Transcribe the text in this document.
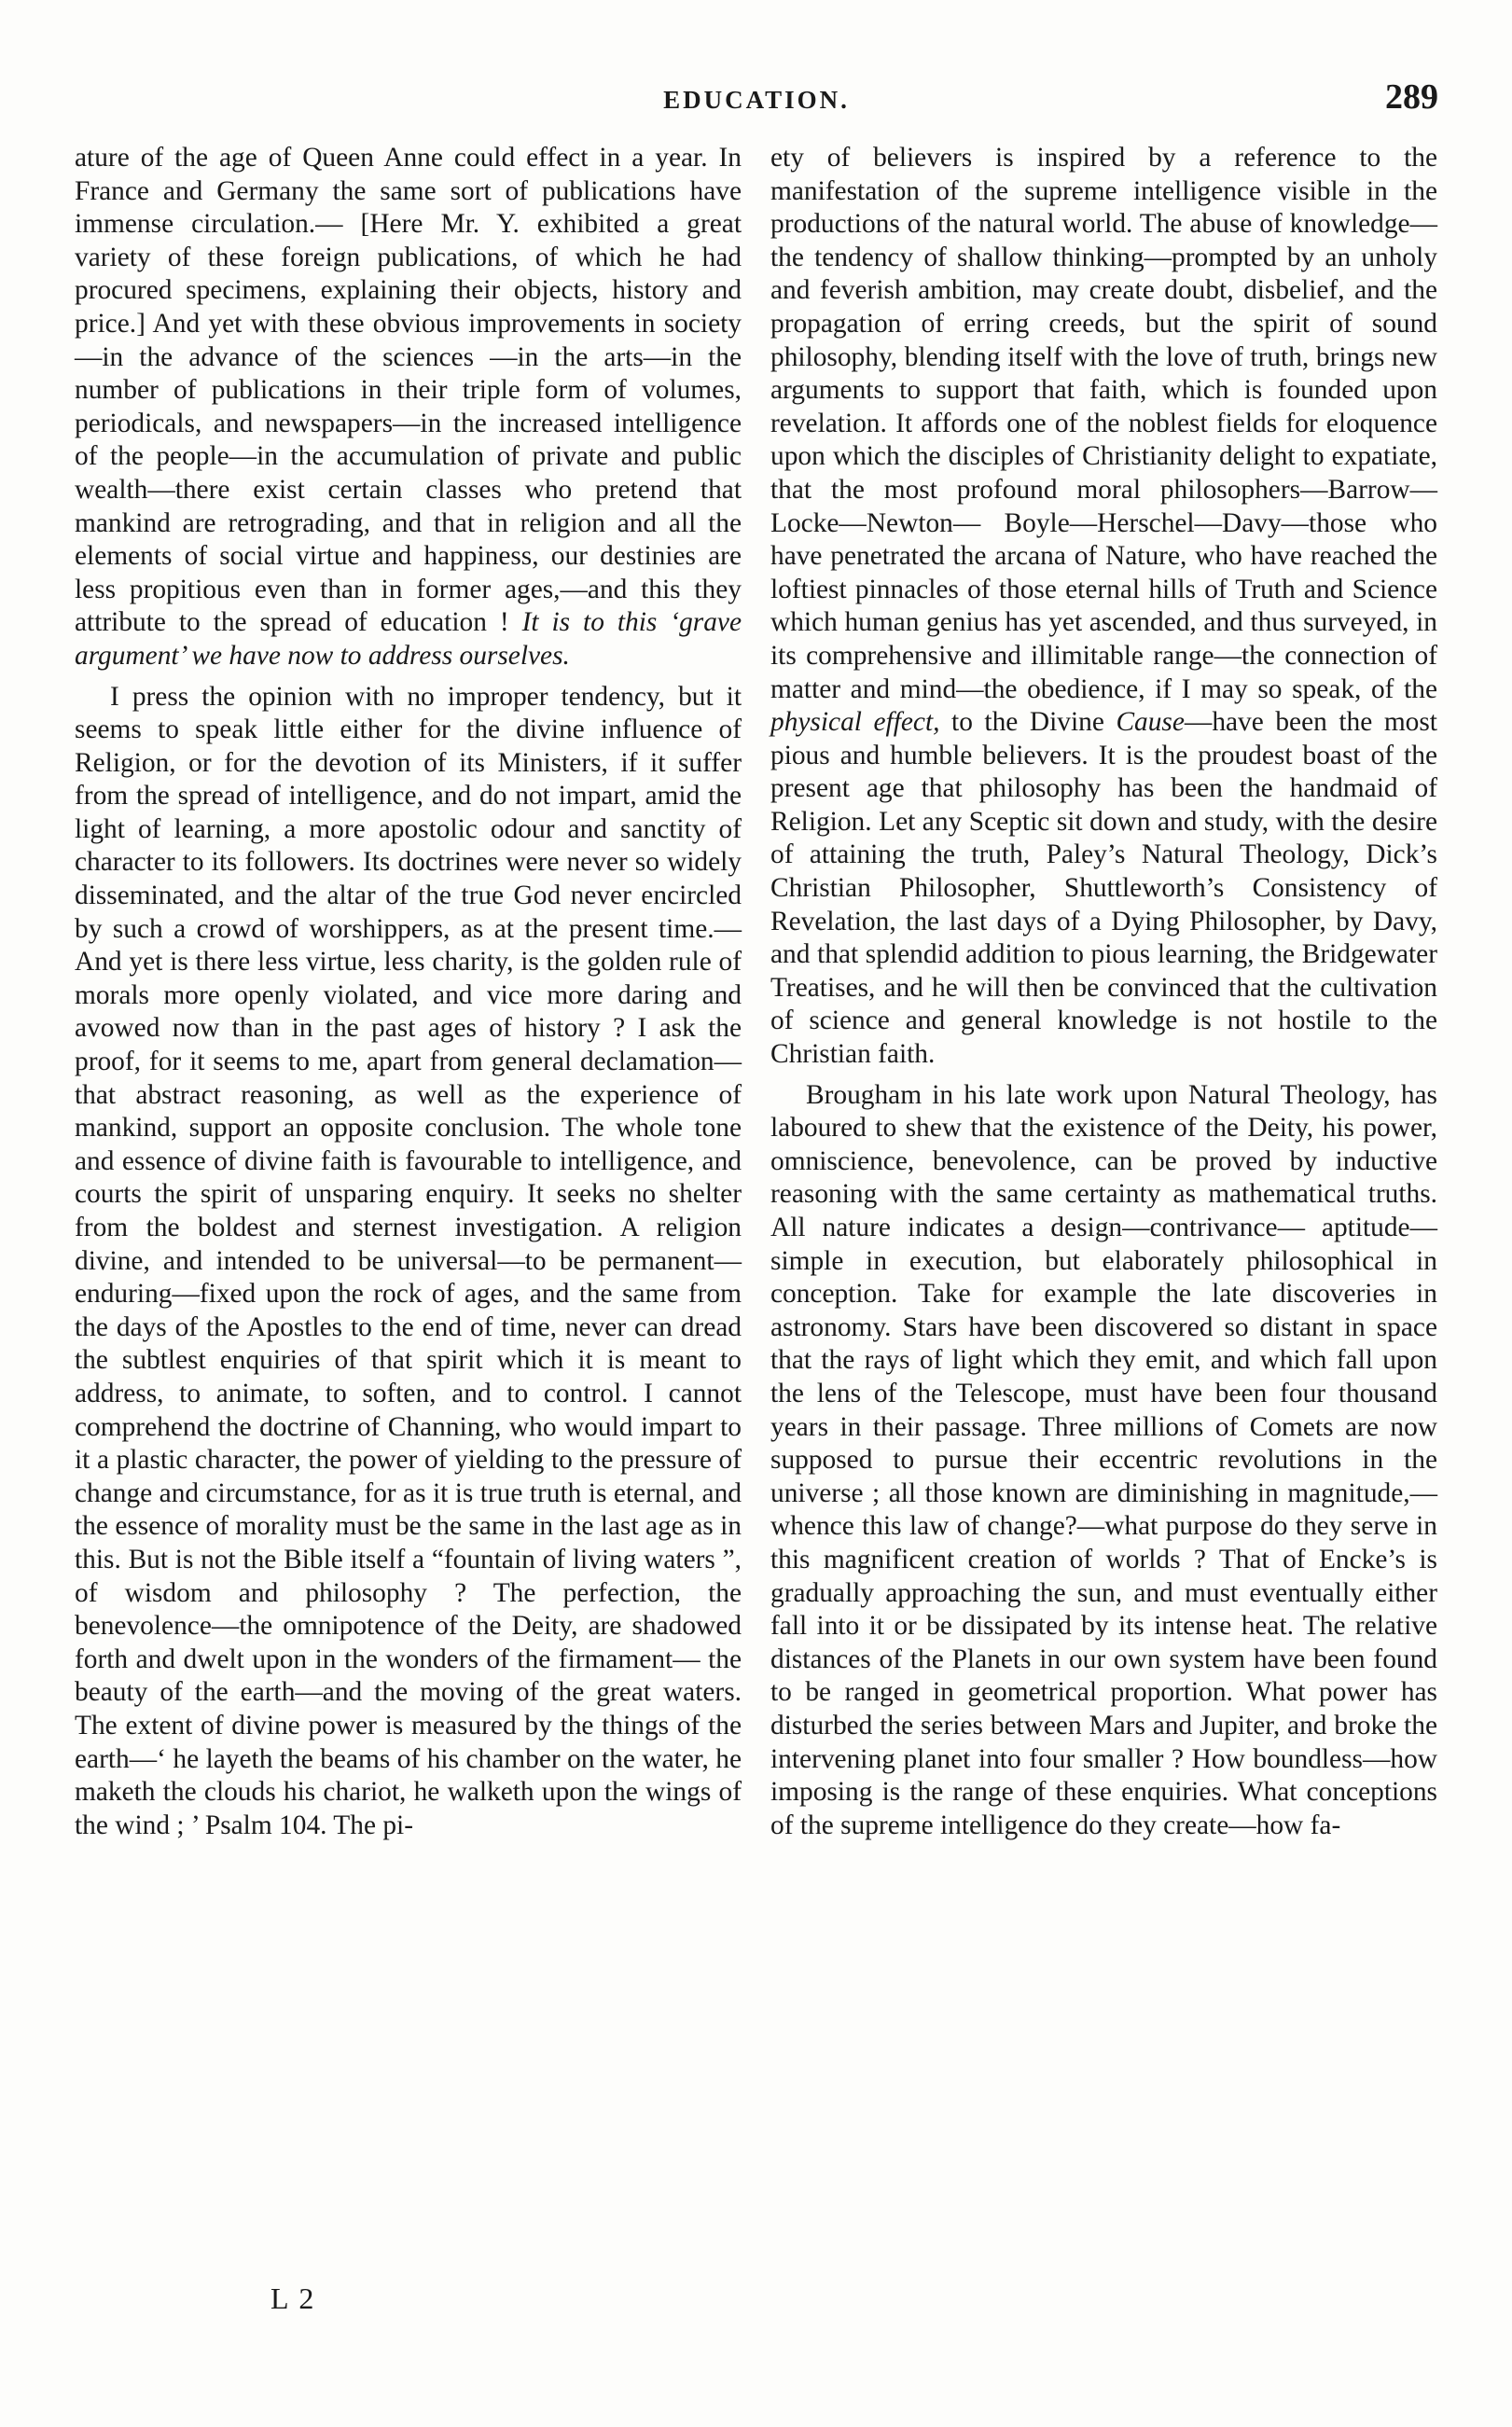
EDUCATION.	289

ature of the age of Queen Anne could effect in a year. In France and Germany the same sort of publications have immense circulation.— [Here Mr. Y. exhibited a great variety of these foreign publications, of which he had procured specimens, explaining their objects, history and price.] And yet with these obvious improvements in society—in the advance of the sciences —in the arts—in the number of publications in their triple form of volumes, periodicals, and newspapers—in the increased intelligence of the people—in the accumulation of private and public wealth—there exist certain classes who pretend that mankind are retrograding, and that in religion and all the elements of social virtue and happiness, our destinies are less propitious even than in former ages,—and this they attribute to the spread of education ! It is to this ‘grave argument’ we have now to address ourselves.

I press the opinion with no improper tendency, but it seems to speak little either for the divine influence of Religion, or for the devotion of its Ministers, if it suffer from the spread of intelligence, and do not impart, amid the light of learning, a more apostolic odour and sanctity of character to its followers. Its doctrines were never so widely disseminated, and the altar of the true God never encircled by such a crowd of worshippers, as at the present time.— And yet is there less virtue, less charity, is the golden rule of morals more openly violated, and vice more daring and avowed now than in the past ages of history ? I ask the proof, for it seems to me, apart from general declamation— that abstract reasoning, as well as the experience of mankind, support an opposite conclusion. The whole tone and essence of divine faith is favourable to intelligence, and courts the spirit of unsparing enquiry. It seeks no shelter from the boldest and sternest investigation. A religion divine, and intended to be universal—to be permanent—enduring—fixed upon the rock of ages, and the same from the days of the Apostles to the end of time, never can dread the subtlest enquiries of that spirit which it is meant to address, to animate, to soften, and to control. I cannot comprehend the doctrine of Channing, who would impart to it a plastic character, the power of yielding to the pressure of change and circumstance, for as it is true truth is eternal, and the essence of morality must be the same in the last age as in this. But is not the Bible itself a “fountain of living waters ”, of wisdom and philosophy ? The perfection, the benevolence—the omnipotence of the Deity, are shadowed forth and dwelt upon in the wonders of the firmament— the beauty of the earth—and the moving of the great waters. The extent of divine power is measured by the things of the earth—‘ he layeth the beams of his chamber on the water, he maketh the clouds his chariot, he walketh upon the wings of the wind ; ’ Psalm 104. The pi-

L 2

ety of believers is inspired by a reference to the manifestation of the supreme intelligence visible in the productions of the natural world. The abuse of knowledge—the tendency of shallow thinking—prompted by an unholy and feverish ambition, may create doubt, disbelief, and the propagation of erring creeds, but the spirit of sound philosophy, blending itself with the love of truth, brings new arguments to support that faith, which is founded upon revelation. It affords one of the noblest fields for eloquence upon which the disciples of Christianity delight to expatiate, that the most profound moral philosophers—Barrow—Locke—Newton— Boyle—Herschel—Davy—those who have penetrated the arcana of Nature, who have reached the loftiest pinnacles of those eternal hills of Truth and Science which human genius has yet ascended, and thus surveyed, in its comprehensive and illimitable range—the connection of matter and mind—the obedience, if I may so speak, of the physical effect, to the Divine Cause—have been the most pious and humble believers. It is the proudest boast of the present age that philosophy has been the handmaid of Religion. Let any Sceptic sit down and study, with the desire of attaining the truth, Paley’s Natural Theology, Dick’s Christian Philosopher, Shuttleworth’s Consistency of Revelation, the last days of a Dying Philosopher, by Davy, and that splendid addition to pious learning, the Bridgewater Treatises, and he will then be convinced that the cultivation of science and general knowledge is not hostile to the Christian faith.

Brougham in his late work upon Natural Theology, has laboured to shew that the existence of the Deity, his power, omniscience, benevolence, can be proved by inductive reasoning with the same certainty as mathematical truths. All nature indicates a design—contrivance— aptitude—simple in execution, but elaborately philosophical in conception. Take for example the late discoveries in astronomy. Stars have been discovered so distant in space that the rays of light which they emit, and which fall upon the lens of the Telescope, must have been four thousand years in their passage. Three millions of Comets are now supposed to pursue their eccentric revolutions in the universe ; all those known are diminishing in magnitude,— whence this law of change?—what purpose do they serve in this magnificent creation of worlds ? That of Encke’s is gradually approaching the sun, and must eventually either fall into it or be dissipated by its intense heat. The relative distances of the Planets in our own system have been found to be ranged in geometrical proportion. What power has disturbed the series between Mars and Jupiter, and broke the intervening planet into four smaller ? How boundless—how imposing is the range of these enquiries. What conceptions of the supreme intelligence do they create—how fa-
